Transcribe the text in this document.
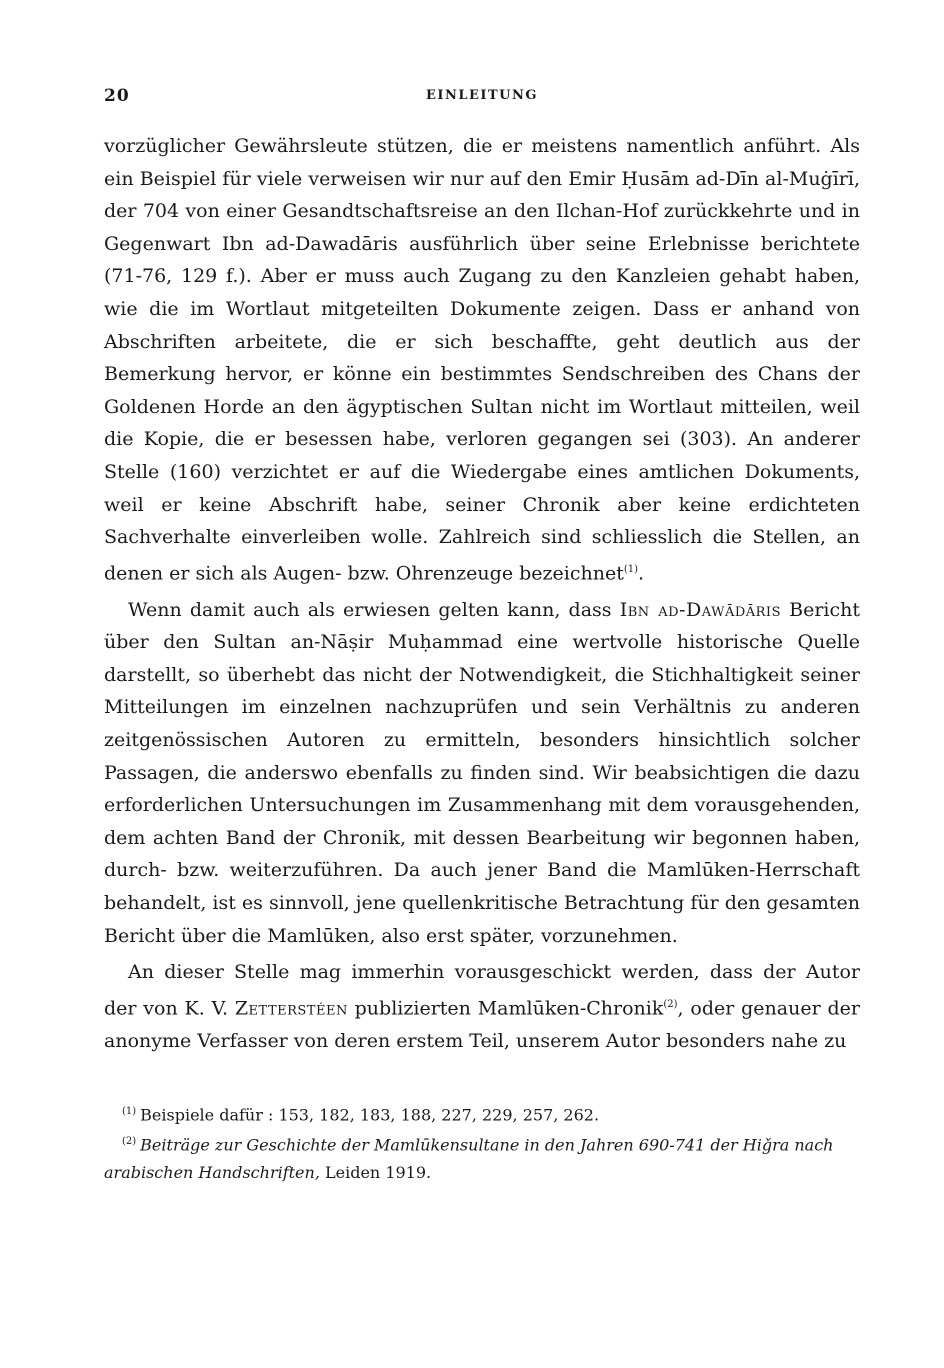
20	EINLEITUNG

vorzüglicher Gewährsleute stützen, die er meistens namentlich anführt. Als ein Beispiel für viele verweisen wir nur auf den Emir Ḥusām ad-Dīn al-Muġīrī, der 704 von einer Gesandtschaftsreise an den Ilchan-Hof zurückkehrte und in Gegenwart Ibn ad-Dawadāris ausführlich über seine Erlebnisse berichtete (71-76, 129 f.). Aber er muss auch Zugang zu den Kanzleien gehabt haben, wie die im Wortlaut mitgeteilten Dokumente zeigen. Dass er anhand von Abschriften arbeitete, die er sich beschaffte, geht deutlich aus der Bemerkung hervor, er könne ein bestimmtes Sendschreiben des Chans der Goldenen Horde an den ägyptischen Sultan nicht im Wortlaut mitteilen, weil die Kopie, die er besessen habe, verloren gegangen sei (303). An anderer Stelle (160) verzichtet er auf die Wiedergabe eines amtlichen Dokuments, weil er keine Abschrift habe, seiner Chronik aber keine erdichteten Sachverhalte einverleiben wolle. Zahlreich sind schliesslich die Stellen, an denen er sich als Augen- bzw. Ohrenzeuge bezeichnet$^{(1)}$.

Wenn damit auch als erwiesen gelten kann, dass Ibn ad-Dawādāris Bericht über den Sultan an-Nāṣir Muḥammad eine wertvolle historische Quelle darstellt, so überhebt das nicht der Notwendigkeit, die Stichhaltigkeit seiner Mitteilungen im einzelnen nachzuprüfen und sein Verhältnis zu anderen zeitgenössischen Autoren zu ermitteln, besonders hinsichtlich solcher Passagen, die anderswo ebenfalls zu finden sind. Wir beabsichtigen die dazu erforderlichen Untersuchungen im Zusammenhang mit dem vorausgehenden, dem achten Band der Chronik, mit dessen Bearbeitung wir begonnen haben, durch- bzw. weiterzuführen. Da auch jener Band die Mamlūken-Herrschaft behandelt, ist es sinnvoll, jene quellenkritische Betrachtung für den gesamten Bericht über die Mamlūken, also erst später, vorzunehmen.

An dieser Stelle mag immerhin vorausgeschickt werden, dass der Autor der von K. V. Zetterstéen publizierten Mamlūken-Chronik$^{(2)}$, oder genauer der anonyme Verfasser von deren erstem Teil, unserem Autor besonders nahe zu

$^{(1)}$ Beispiele dafür : 153, 182, 183, 188, 227, 229, 257, 262.

$^{(2)}$ Beiträge zur Geschichte der Mamlūkensultane in den Jahren 690-741 der Hiǧra nach arabischen Handschriften, Leiden 1919.
